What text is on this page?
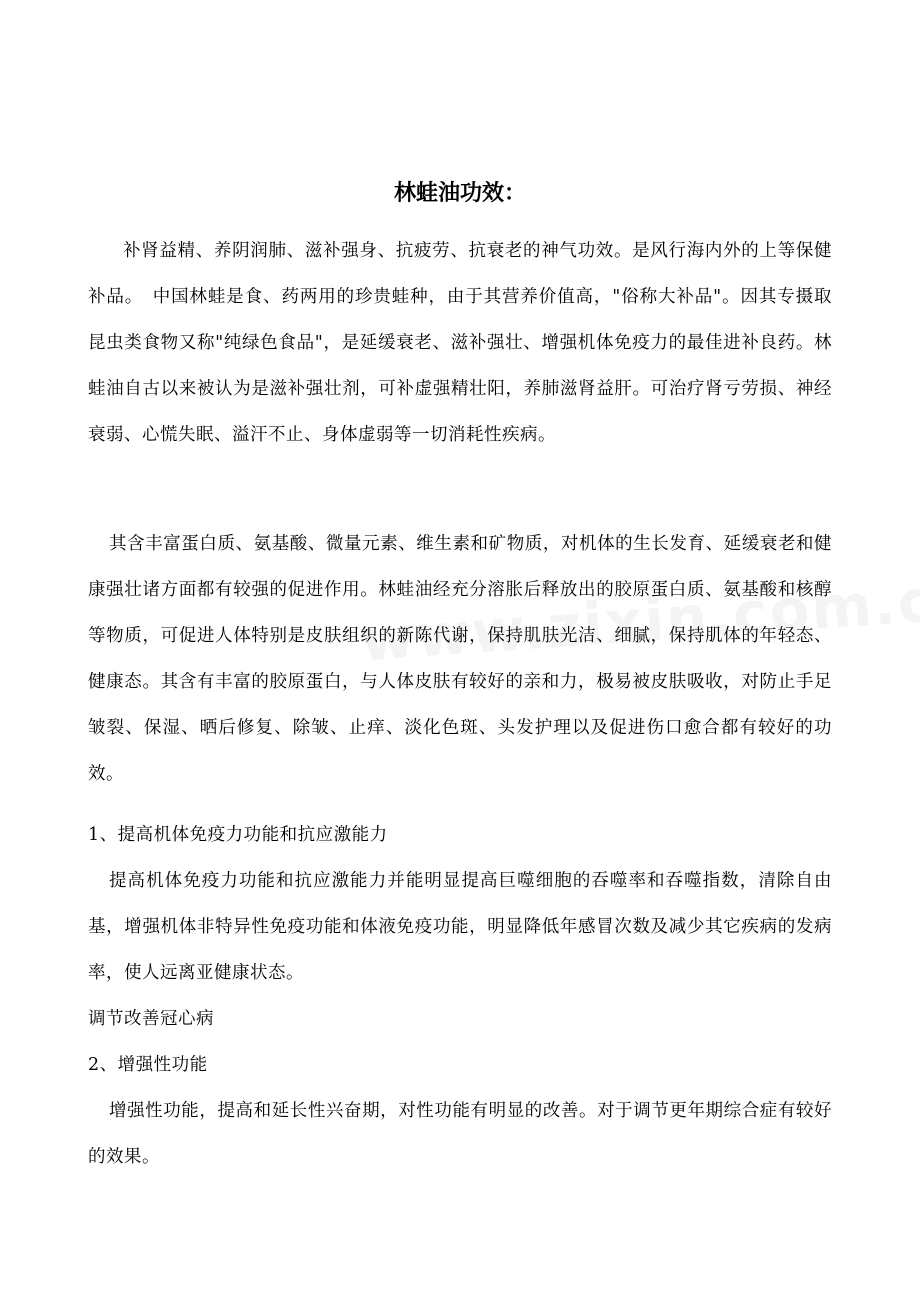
林蛙油功效：

补肾益精、养阴润肺、滋补强身、抗疲劳、抗衰老的神气功效。是风行海内外的上等保健补品。　中国林蛙是食、药两用的珍贵蛙种，由于其营养价值高，"俗称大补品"。因其专摄取昆虫类食物又称"纯绿色食品"，是延缓衰老、滋补强壮、增强机体免疫力的最佳进补良药。林蛙油自古以来被认为是滋补强壮剂，可补虚强精壮阳，养肺滋肾益肝。可治疗肾亏劳损、神经衰弱、心慌失眠、溢汗不止、身体虚弱等一切消耗性疾病。

其含丰富蛋白质、氨基酸、微量元素、维生素和矿物质，对机体的生长发育、延缓衰老和健康强壮诸方面都有较强的促进作用。林蛙油经充分溶胀后释放出的胶原蛋白质、氨基酸和核醇等物质，可促进人体特别是皮肤组织的新陈代谢，保持肌肤光洁、细腻，保持肌体的年轻态、健康态。其含有丰富的胶原蛋白，与人体皮肤有较好的亲和力，极易被皮肤吸收，对防止手足皱裂、保湿、晒后修复、除皱、止痒、淡化色斑、头发护理以及促进伤口愈合都有较好的功效。

1、提高机体免疫力功能和抗应激能力

提高机体免疫力功能和抗应激能力并能明显提高巨噬细胞的吞噬率和吞噬指数，清除自由基，增强机体非特异性免疫功能和体液免疫功能，明显降低年感冒次数及减少其它疾病的发病率，使人远离亚健康状态。

调节改善冠心病

2、增强性功能

增强性功能，提高和延长性兴奋期，对性功能有明显的改善。对于调节更年期综合症有较好的效果。
